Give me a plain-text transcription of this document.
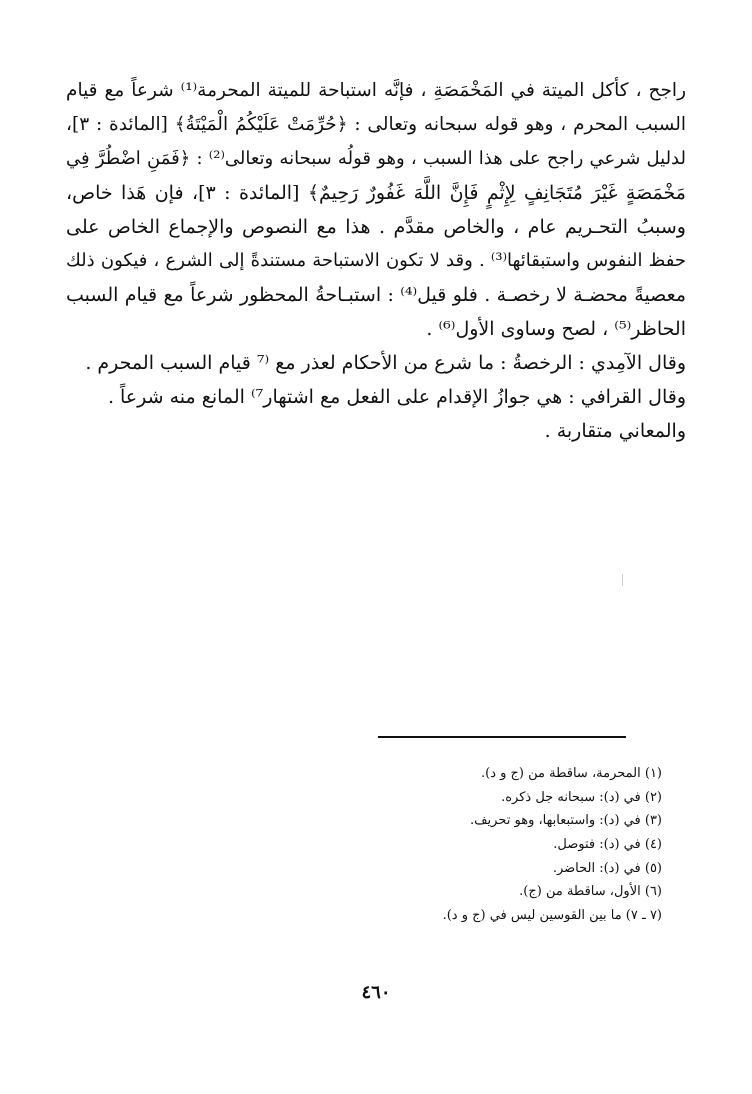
راجح ، كأكل الميتة في المَخْمَصَةِ ، فإنَّه استباحة للميتة المحرمة⁽¹⁾ شرعاً مع قيام
السبب المحرم ، وهو قوله سبحانه وتعالى : ﴿حُرِّمَتْ عَلَيْكُمُ الْمَيْتَةُ﴾ [المائدة : ٣]،
لدليل شرعي راجح على هذا السبب ، وهو قولُه سبحانه وتعالى⁽²⁾ : ﴿فَمَنِ اضْطُرَّ فِي
مَخْمَصَةٍ غَيْرَ مُتَجَانِفٍ لِإِثْمٍ فَإِنَّ اللَّهَ غَفُورٌ رَحِيمٌ﴾ [المائدة : ٣]، فإن هَذا خاص،
وسببُ التحـريم عام ، والخاص مقدَّم . هذا مع النصوص والإجماع الخاص على
حفظ النفوس واستبقائها⁽³⁾ . وقد لا تكون الاستباحة مستندةً إلى الشرع ، فيكون ذلك
معصيةً محضـة لا رخصـة . فلو قيل⁽⁴⁾ : استبـاحةُ المحظور شرعاً مع قيام السبب
الحاظر⁽⁵⁾ ، لصح وساوى الأول⁽⁶⁾ .
وقال الآمِدي : الرخصةُ : ما شرع من الأحكام لعذر مع ⁽⁷ قيام السبب المحرم .
وقال القرافي : هي جوازُ الإقدام على الفعل مع اشتهار⁷⁾ المانع منه شرعاً .
والمعاني متقاربة .
(١) المحرمة، ساقطة من (ج و د).
(٢) في (د): سبحانه جل ذكره.
(٣) في (د): واستبعابها، وهو تحريف.
(٤) في (د): فتوصل.
(٥) في (د): الحاضر.
(٦) الأول، ساقطة من (ج).
(٧ ـ ٧) ما بين القوسين ليس في (ج و د).
٤٦٠
